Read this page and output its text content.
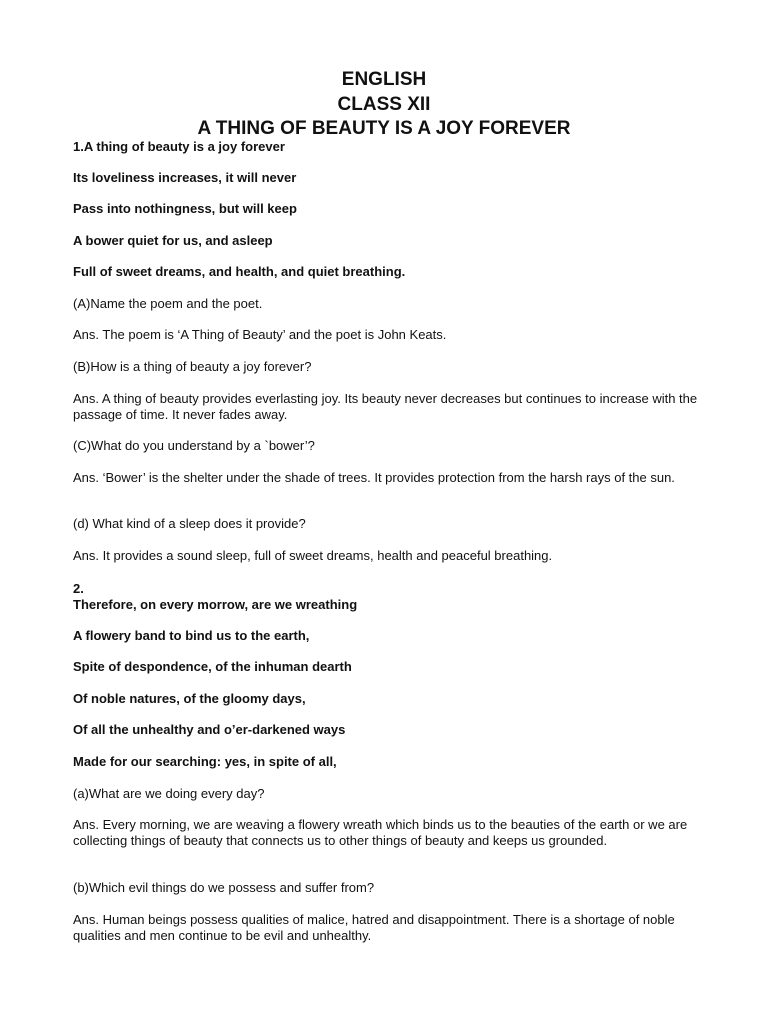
ENGLISH

CLASS XII

A THING OF BEAUTY IS A JOY FOREVER

1.A thing of beauty is a joy forever

Its loveliness increases, it will never

Pass into nothingness, but will keep

A bower quiet for us, and asleep

Full of sweet dreams, and health, and quiet breathing.

(A)Name the poem and the poet.

Ans. The poem is ‘A Thing of Beauty’ and the poet is John Keats.

(B)How is a thing of beauty a joy forever?

Ans. A thing of beauty provides everlasting joy. Its beauty never decreases but continues to increase with the passage of time. It never fades away.

(C)What do you understand by a `bower’?

Ans. ‘Bower’ is the shelter under the shade of trees. It provides protection from the harsh rays of the sun.

(d) What kind of a sleep does it provide?

Ans. It provides a sound sleep, full of sweet dreams, health and peaceful breathing.

2.

Therefore, on every morrow, are we wreathing

A flowery band to bind us to the earth,

Spite of despondence, of the inhuman dearth

Of noble natures, of the gloomy days,

Of all the unhealthy and o’er-darkened ways

Made for our searching: yes, in spite of all,

(a)What are we doing every day?

Ans. Every morning, we are weaving a flowery wreath which binds us to the beauties of the earth or we are collecting things of beauty that connects us to other things of beauty and keeps us grounded.

(b)Which evil things do we possess and suffer from?

Ans. Human beings possess qualities of malice, hatred and disappointment. There is a shortage of noble qualities and men continue to be evil and unhealthy.
